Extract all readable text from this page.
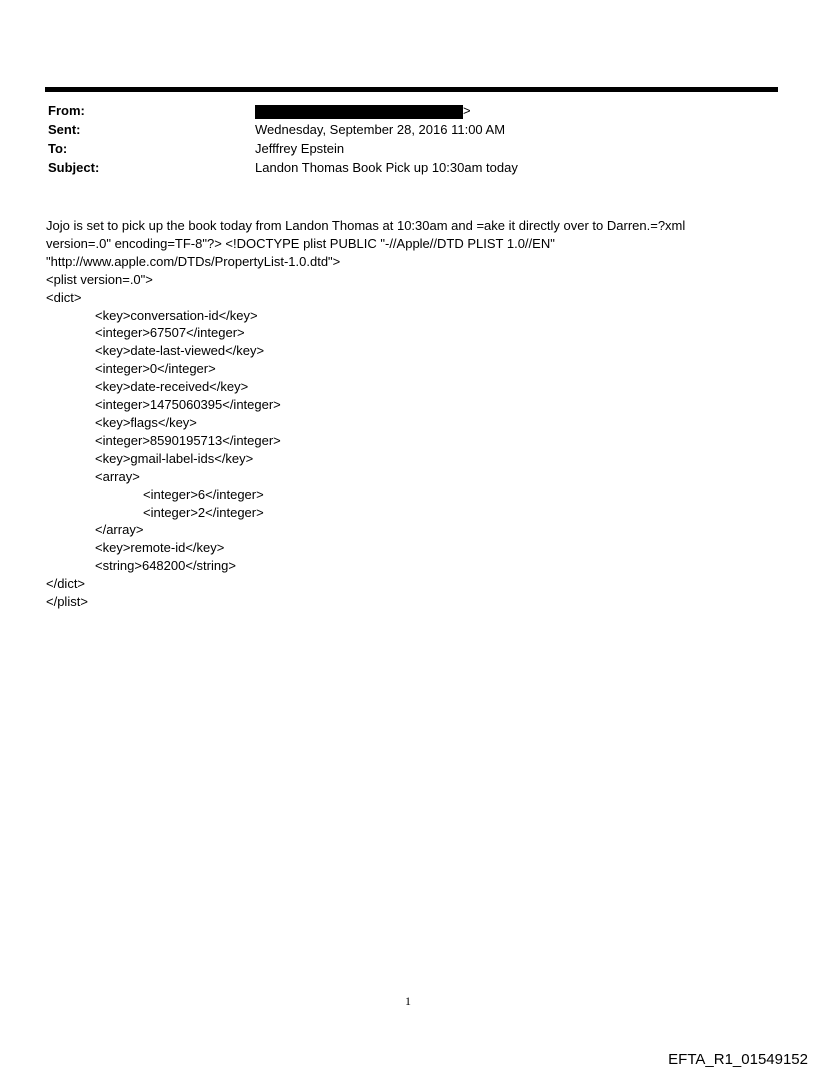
From:	>
Sent:	Wednesday, September 28, 2016 11:00 AM
To:	Jefffrey Epstein
Subject:	Landon Thomas Book Pick up 10:30am today
Jojo is set to pick up the book today from Landon Thomas at 10:30am and =ake it directly over to Darren.=?xml
version=.0" encoding=TF-8"?> <!DOCTYPE plist PUBLIC "-//Apple//DTD PLIST 1.0//EN"
"http://www.apple.com/DTDs/PropertyList-1.0.dtd">
<plist version=.0">
<dict>
<key>conversation-id</key>
<integer>67507</integer>
<key>date-last-viewed</key>
<integer>0</integer>
<key>date-received</key>
<integer>1475060395</integer>
<key>flags</key>
<integer>8590195713</integer>
<key>gmail-label-ids</key>
<array>
<integer>6</integer>
<integer>2</integer>
</array>
<key>remote-id</key>
<string>648200</string>
</dict>
</plist>
1
EFTA_R1_01549152
